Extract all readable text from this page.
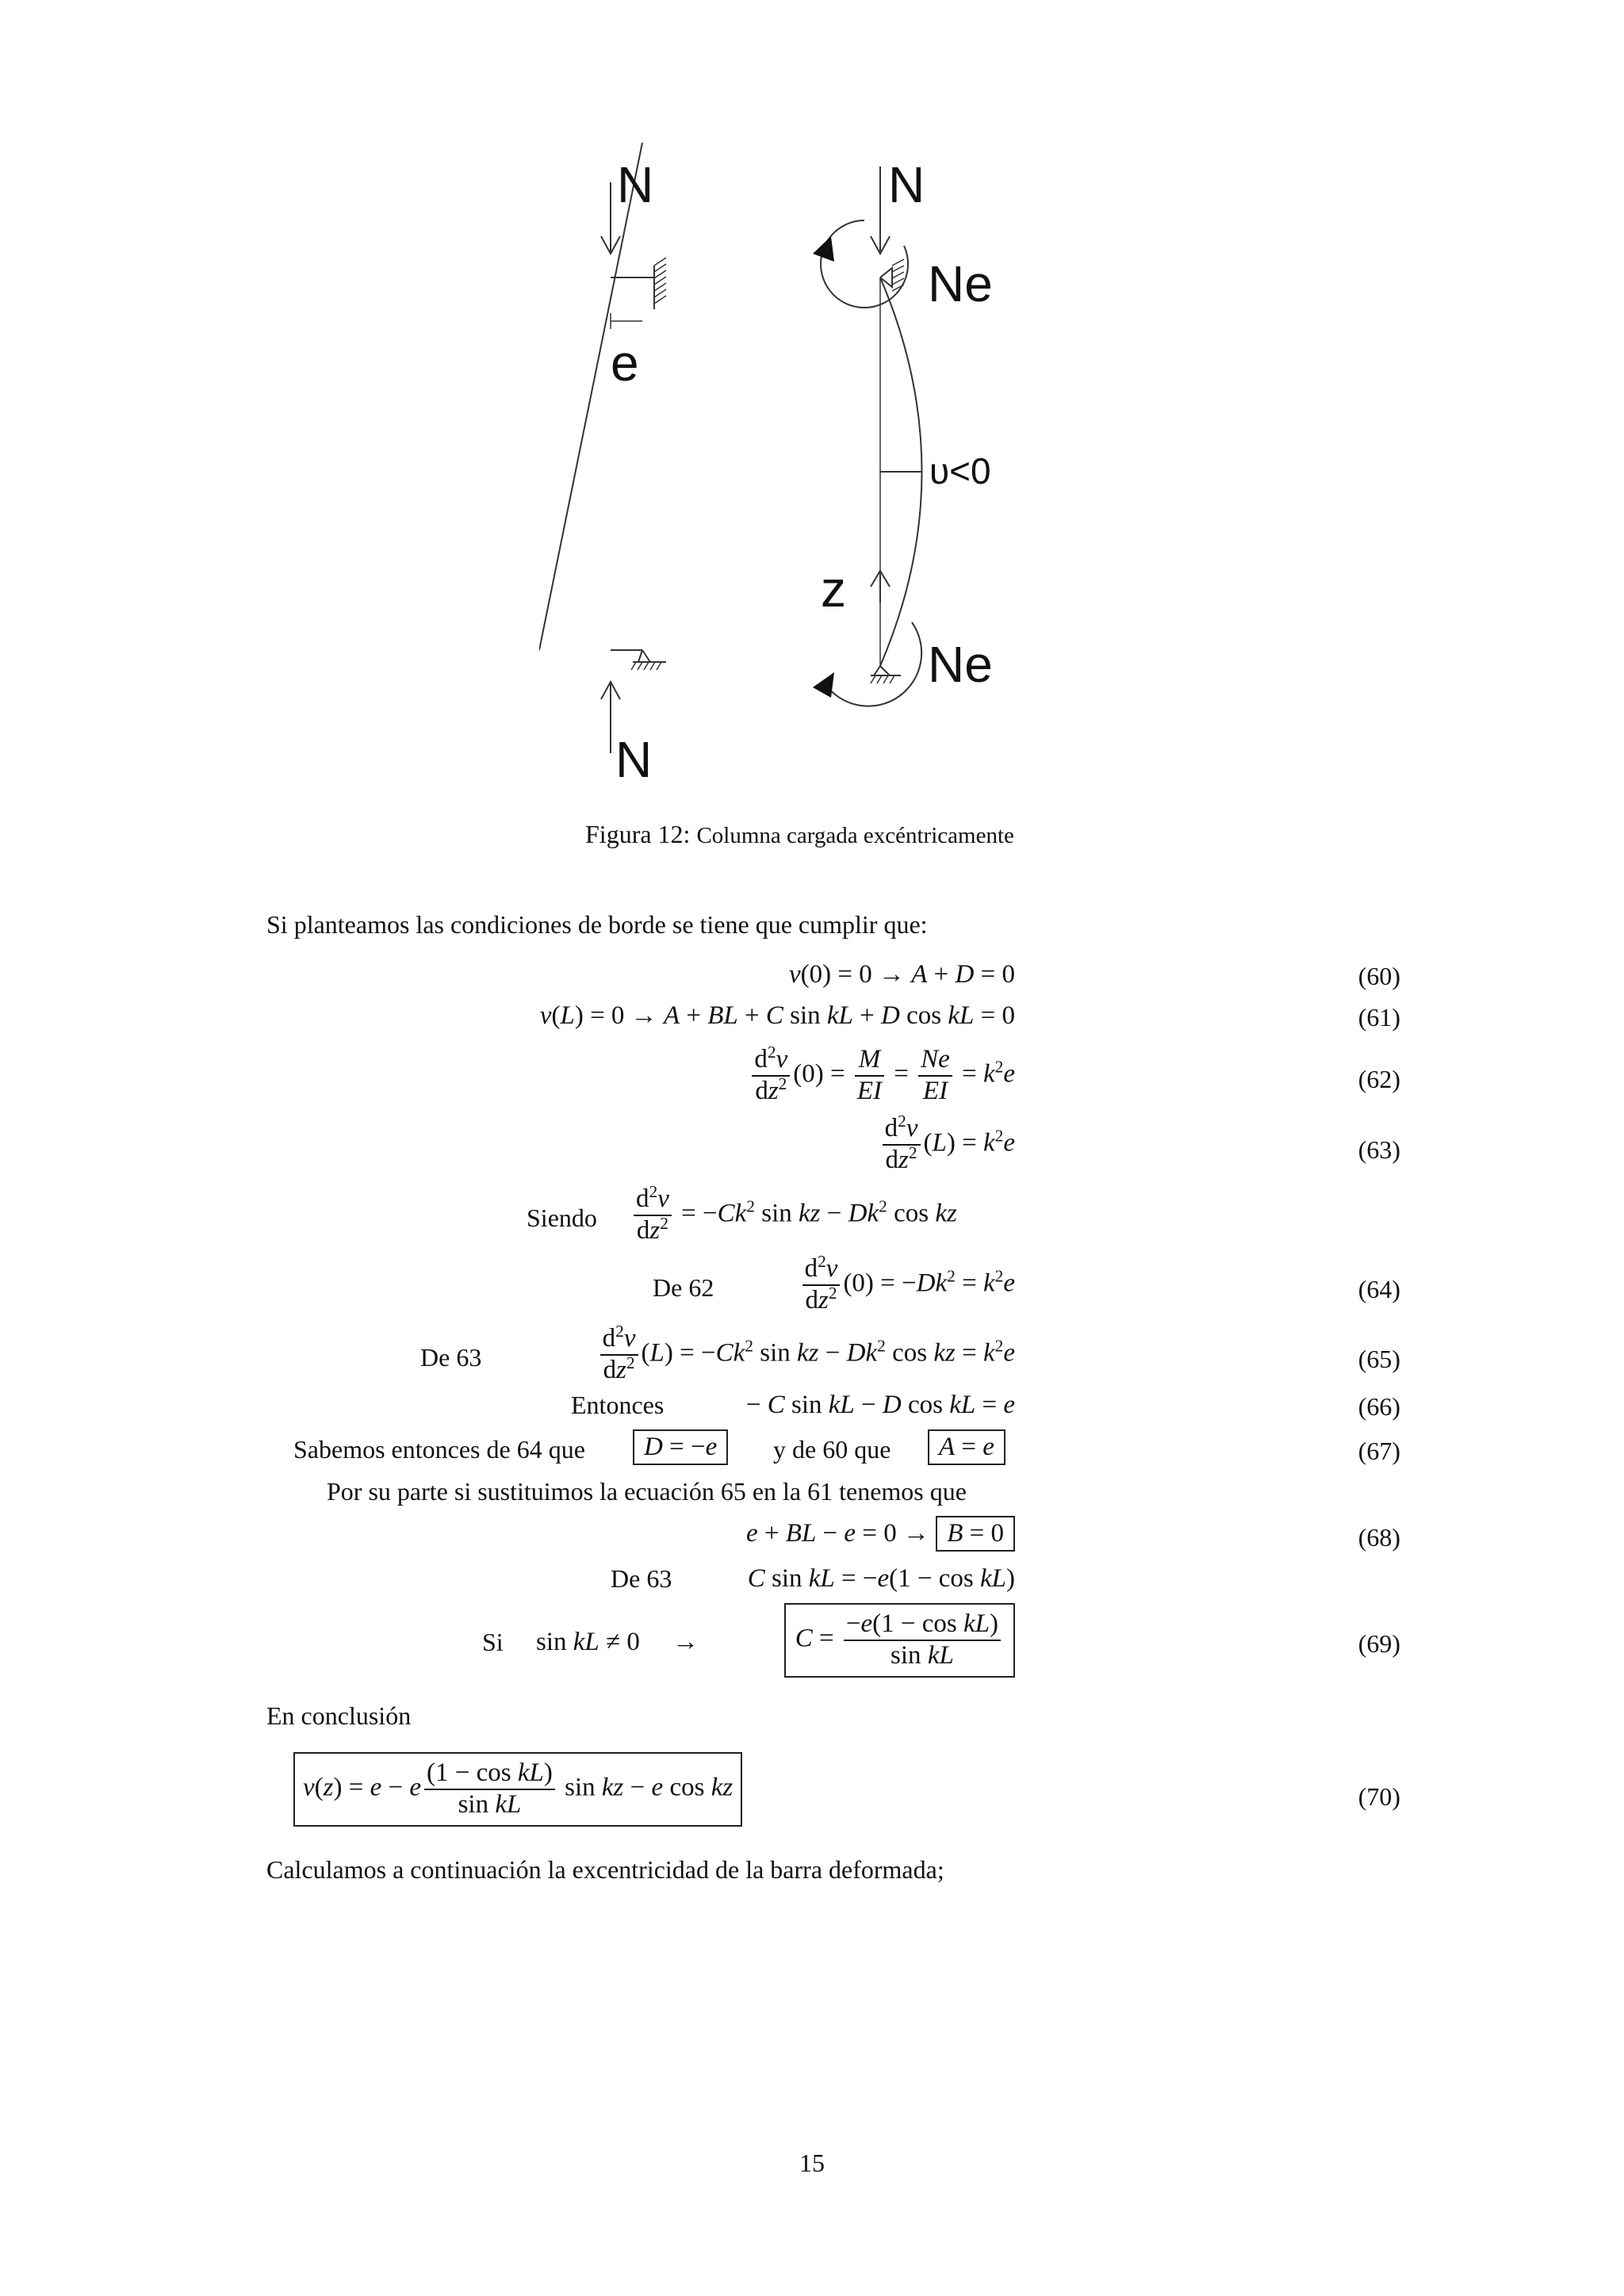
N	N
N
e
Ne
Ne
υ<0
z
Figura 12: Columna cargada excéntricamente
Si planteamos las condiciones de borde se tiene que cumplir que:
ν(0) = 0 → A + D = 0	(60)
ν(L) = 0 → A + BL + C sin kL + D cos kL = 0	(61)
$\frac{d^2\nu}{dz^2} (0) = \frac{M}{EI} = \frac{Ne}{EI} = k^2e$	(62)
$\frac{d^2\nu}{dz^2} (L) = k^2e$	(63)
Siendo $\frac{d^2\nu}{dz^2} = -Ck^2$ sin kz − $Dk^2$ cos kz
De 62	$\frac{d^2\nu}{dz^2} (0) = -Dk^2 = k^2e$	(64)
De 63	$\frac{d^2\nu}{dz^2} (L) = -Ck^2$ sin kz − $Dk^2$ cos kz = $k^2e$	(65)
Entonces	− C sin kL − D cos kL = e	(66)
Sabemos entonces de 64 que	D = −e	y de 60 que	A = e	(67)
Por su parte si sustituimos la ecuación 65 en la 61 tenemos que
e + BL − e = 0 → B = 0	(68)
De 63	C sin kL = −e(1 − cos kL)
Si sin kL ≠ 0     →	$C = \frac{\text{−e(1 − cos kL)}}{\text{sin kL}}$	(69)
En conclusión
ν(z) = e − e $\frac{\text{(1 − cos kL)}}{\text{sin kL}}$ sin kz − e cos kz	(70)
Calculamos a continuación la excentricidad de la barra deformada;
15
